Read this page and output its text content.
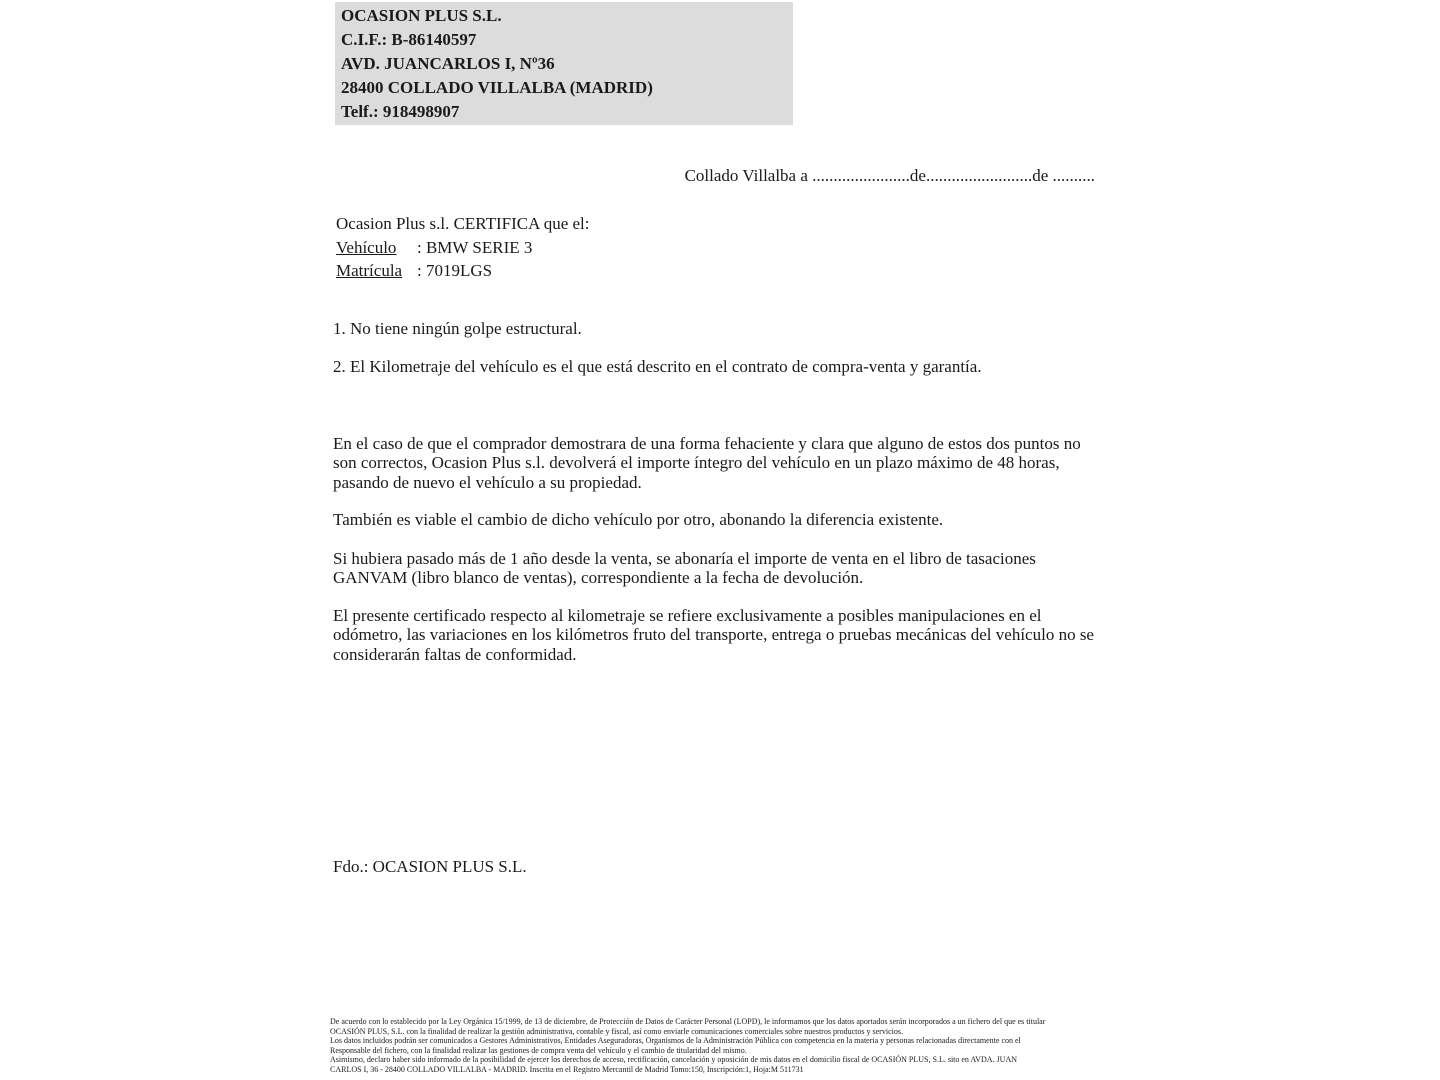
OCASION PLUS S.L.
C.I.F.: B-86140597
AVD. JUANCARLOS I, Nº36
28400 COLLADO VILLALBA (MADRID)
Telf.: 918498907
Collado Villalba a .......................de.........................de ..........
Ocasion Plus s.l. CERTIFICA que el:
Vehículo : BMW SERIE 3
Matrícula : 7019LGS
1. No tiene ningún golpe estructural.
2. El Kilometraje del vehículo es el que está descrito en el contrato de compra-venta y garantía.
En el caso de que el comprador demostrara de una forma fehaciente y clara que alguno de estos dos puntos no son correctos, Ocasion Plus s.l. devolverá el importe íntegro del vehículo en un plazo máximo de 48 horas, pasando de nuevo el vehículo a su propiedad.
También es viable el cambio de dicho vehículo por otro, abonando la diferencia existente.
Si hubiera pasado más de 1 año desde la venta, se abonaría el importe de venta en el libro de tasaciones GANVAM (libro blanco de ventas), correspondiente a la fecha de devolución.
El presente certificado respecto al kilometraje se refiere exclusivamente a posibles manipulaciones en el odómetro, las variaciones en los kilómetros fruto del transporte, entrega o pruebas mecánicas del vehículo no se considerarán faltas de conformidad.
Fdo.: OCASION PLUS S.L.
De acuerdo con lo establecido por la Ley Orgánica 15/1999, de 13 de diciembre, de Protección de Datos de Carácter Personal (LOPD), le informamos que los datos aportados serán incorporados a un fichero del que es titular
OCASIÓN PLUS, S.L. con la finalidad de realizar la gestión administrativa, contable y fiscal, así como enviarle comunicaciones comerciales sobre nuestros productos y servicios.
Los datos incluidos podrán ser comunicados a Gestores Administrativos, Entidades Aseguradoras, Organismos de la Administración Pública con competencia en la materia y personas relacionadas directamente con el
Responsable del fichero, con la finalidad realizar las gestiones de compra venta del vehículo y el cambio de titularidad del mismo.
Asimismo, declaro haber sido informado de la posibilidad de ejercer los derechos de acceso, rectificación, cancelación y oposición de mis datos en el domicilio fiscal de OCASIÓN PLUS, S.L. sito en AVDA. JUAN
CARLOS I, 36 - 28400 COLLADO VILLALBA - MADRID. Inscrita en el Registro Mercantil de Madrid Tomo:150, Inscripción:1, Hoja:M 511731
